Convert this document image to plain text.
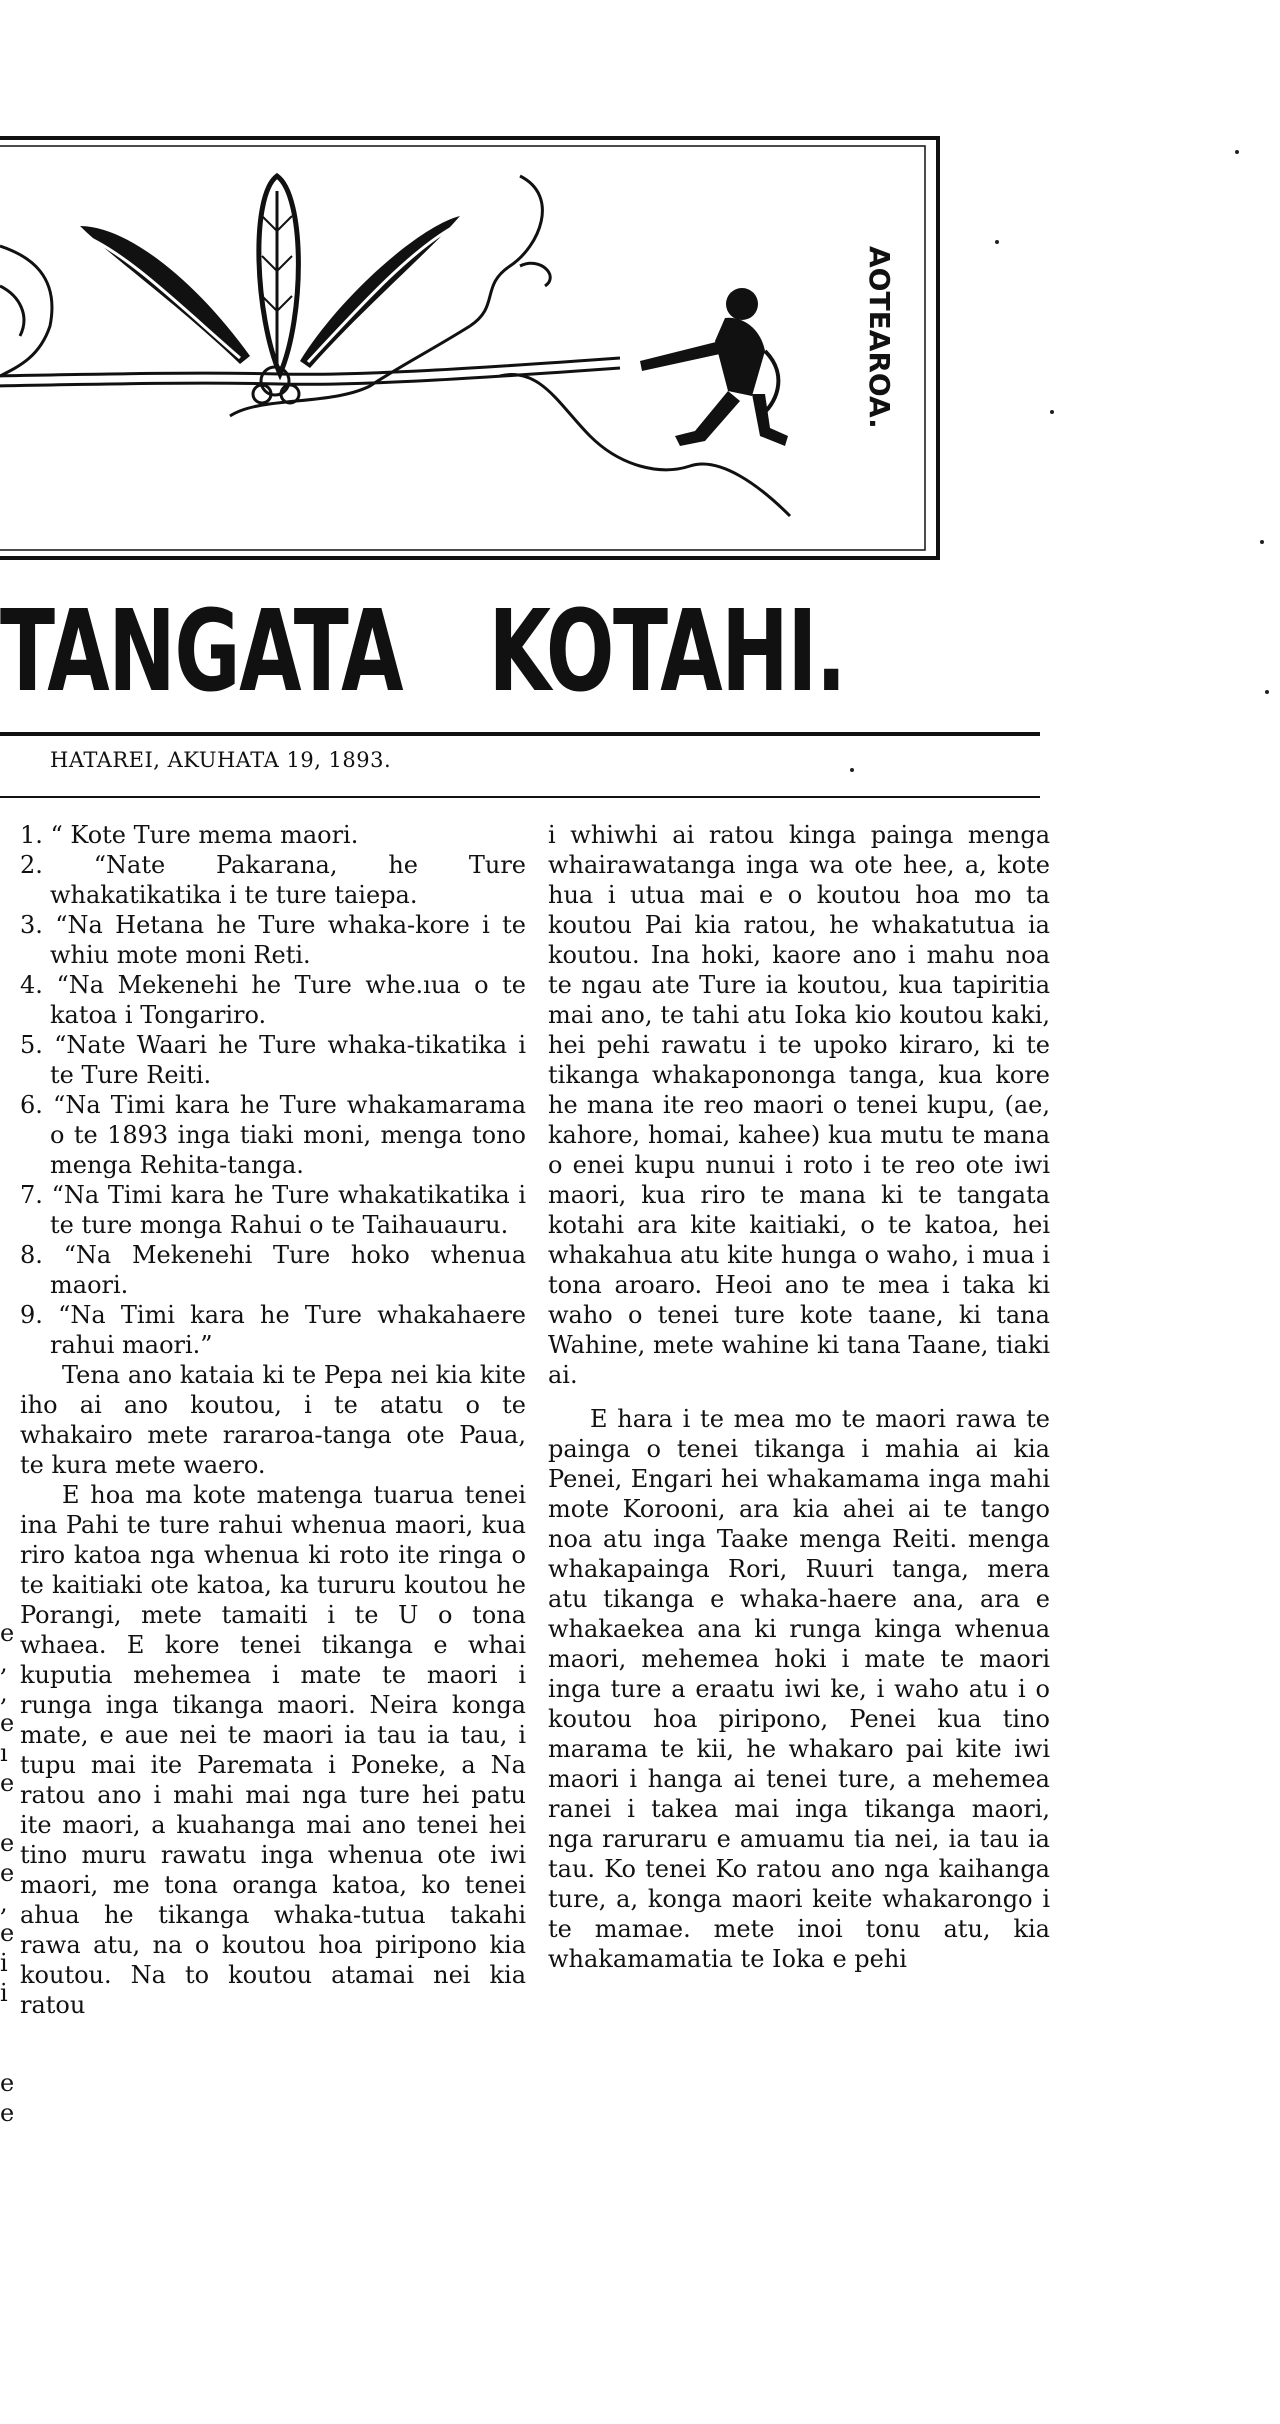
AOTEAROA.
TANGATA KOTAHI.
HATAREI, AKUHATA 19, 1893.

1. “ Kote Ture mema maori.

2. “Nate Pakarana, he Ture whakatikatika i te ture taiepa.

3. “Na Hetana he Ture whaka-kore i te whiu mote moni Reti.

4. “Na Mekenehi he Ture whe.ıua o te katoa i Tongariro.

5. “Nate Waari he Ture whaka-tikatika i te Ture Reiti.

6. “Na Timi kara he Ture whakamarama o te 1893 inga tiaki moni, menga tono menga Rehita-tanga.

7. “Na Timi kara he Ture whakatikatika i te ture monga Rahui o te Taihauauru.

8. “Na Mekenehi Ture hoko whenua maori.

9. “Na Timi kara he Ture whakahaere rahui maori.”

Tena ano kataia ki te Pepa nei kia kite iho ai ano koutou, i te atatu o te whakairo mete rararoa-tanga ote Paua, te kura mete waero.

E hoa ma kote matenga tuarua tenei ina Pahi te ture rahui whenua maori, kua riro katoa nga whenua ki roto ite ringa o te kaitiaki ote katoa, ka tururu koutou he Porangi, mete tamaiti i te U o tona whaea. E kore tenei tikanga e whai kuputia mehemea i mate te maori i runga inga tikanga maori. Neira konga mate, e aue nei te maori ia tau ia tau, i tupu mai ite Paremata i Poneke, a Na ratou ano i mahi mai nga ture hei patu ite maori, a kuahanga mai ano tenei hei tino muru rawatu inga whenua ote iwi maori, me tona oranga katoa, ko tenei ahua he tikanga whaka-tutua takahi rawa atu, na o koutou hoa piripono kia koutou. Na to koutou atamai nei kia ratou

i whiwhi ai ratou kinga painga menga whairawatanga inga wa ote hee, a, kote hua i utua mai e o koutou hoa mo ta koutou Pai kia ratou, he whakatutua ia koutou. Ina hoki, kaore ano i mahu noa te ngau ate Ture ia koutou, kua tapiritia mai ano, te tahi atu Ioka kio koutou kaki, hei pehi rawatu i te upoko kiraro, ki te tikanga whakapononga tanga, kua kore he mana ite reo maori o tenei kupu, (ae, kahore, homai, kahee) kua mutu te mana o enei kupu nunui i roto i te reo ote iwi maori, kua riro te mana ki te tangata kotahi ara kite kaitiaki, o te katoa, hei whakahua atu kite hunga o waho, i mua i tona aroaro. Heoi ano te mea i taka ki waho o tenei ture kote taane, ki tana Wahine, mete wahine ki tana Taane, tiaki ai.

E hara i te mea mo te maori rawa te painga o tenei tikanga i mahia ai kia Penei, Engari hei whakamama inga mahi mote Korooni, ara kia ahei ai te tango noa atu inga Taake menga Reiti. menga whakapainga Rori, Ruuri tanga, mera atu tikanga e whaka-haere ana, ara e whakaekea ana ki runga kinga whenua maori, mehemea hoki i mate te maori inga ture a eraatu iwi ke, i waho atu i o koutou hoa piripono, Penei kua tino marama te kii, he whakaro pai kite iwi maori i hanga ai tenei ture, a mehemea ranei i takea mai inga tikanga maori, nga raruraru e amuamu tia nei, ia tau ia tau. Ko tenei Ko ratou ano nga kaihanga ture, a, konga maori keite whakarongo i te mamae. mete inoi tonu atu, kia whakamamatia te Ioka e pehi

e
,
,
e
ı
e
e
e
,
e
i
i
e
e
